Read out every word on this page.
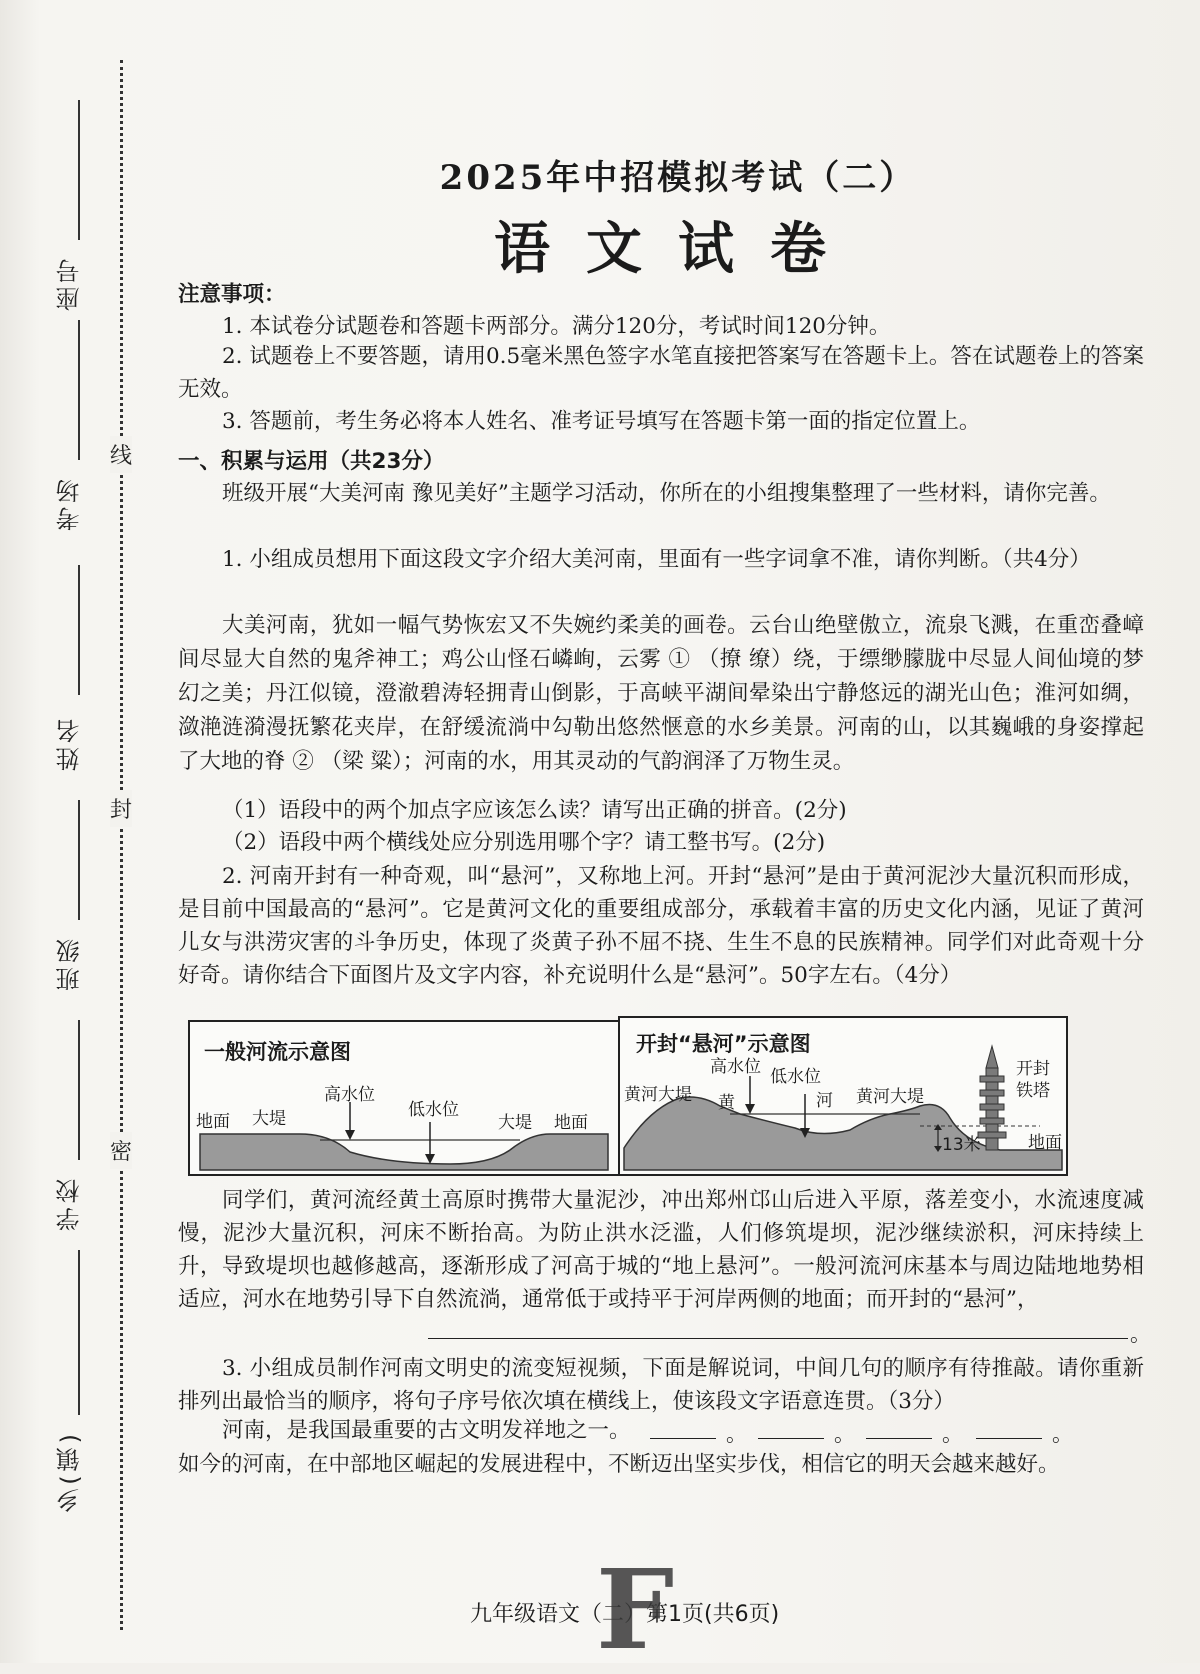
座号
考场
姓名
班级
学校
乡(镇)
线
封
密
2025年中招模拟考试（二）
语文试卷
注意事项：
1. 本试卷分试题卷和答题卡两部分。满分120分，考试时间120分钟。
2. 试题卷上不要答题，请用0.5毫米黑色签字水笔直接把答案写在答题卡上。答在试题卷上的答案无效。
3. 答题前，考生务必将本人姓名、准考证号填写在答题卡第一面的指定位置上。
一、积累与运用（共23分）
班级开展“大美河南 豫见美好”主题学习活动，你所在的小组搜集整理了一些材料，请你完善。
1. 小组成员想用下面这段文字介绍大美河南，里面有一些字词拿不准，请你判断。（共4分）
大美河南，犹如一幅气势恢宏又不失婉约柔美的画卷。云台山绝壁傲立，流泉飞溅，在重峦叠嶂间尽显大自然的鬼斧神工；鸡公山怪石嶙峋，云雾 ① （撩 缭）绕，于缥缈朦胧中尽显人间仙境的梦幻之美；丹江似镜，澄澈碧涛轻拥青山倒影，于高峡平湖间晕染出宁静悠远的湖光山色；淮河如绸，潋滟涟漪漫抚繁花夹岸，在舒缓流淌中勾勒出悠然惬意的水乡美景。河南的山，以其巍峨的身姿撑起了大地的脊 ② （梁 粱）；河南的水，用其灵动的气韵润泽了万物生灵。
（1）语段中的两个加点字应该怎么读？请写出正确的拼音。(2分)
（2）语段中两个横线处应分别选用哪个字？请工整书写。(2分)
2. 河南开封有一种奇观，叫“悬河”，又称地上河。开封“悬河”是由于黄河泥沙大量沉积而形成，是目前中国最高的“悬河”。它是黄河文化的重要组成部分，承载着丰富的历史文化内涵，见证了黄河儿女与洪涝灾害的斗争历史，体现了炎黄子孙不屈不挠、生生不息的民族精神。同学们对此奇观十分好奇。请你结合下面图片及文字内容，补充说明什么是“悬河”。50字左右。（4分）
一般河流示意图
地面 大堤
高水位
低水位
大堤 地面
开封“悬河”示意图
黄河大堤
高水位 低水位
黄	河 黄河大堤
开封
铁塔
13米	地面
同学们，黄河流经黄土高原时携带大量泥沙，冲出郑州邙山后进入平原，落差变小，水流速度减慢，泥沙大量沉积，河床不断抬高。为防止洪水泛滥，人们修筑堤坝，泥沙继续淤积，河床持续上升，导致堤坝也越修越高，逐渐形成了河高于城的“地上悬河”。一般河流河床基本与周边陆地地势相适应，河水在地势引导下自然流淌，通常低于或持平于河岸两侧的地面；而开封的“悬河”，
。
3. 小组成员制作河南文明史的流变短视频，下面是解说词，中间几句的顺序有待推敲。请你重新排列出最恰当的顺序，将句子序号依次填在横线上，使该段文字语意连贯。（3分）
河南，是我国最重要的古文明发祥地之一。	。	。	。	。
如今的河南，在中部地区崛起的发展进程中，不断迈出坚实步伐，相信它的明天会越来越好。
九年级语文（二）第1页(共6页)
F
